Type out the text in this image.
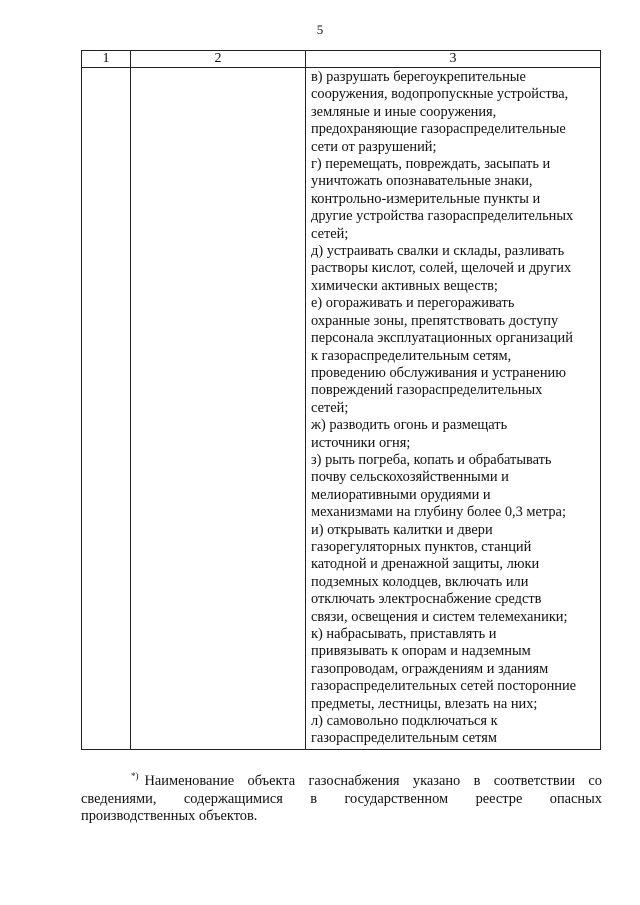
5
1	2	3
в) разрушать берегоукрепительные
сооружения, водопропускные устройства,
земляные и иные сооружения,
предохраняющие газораспределительные
сети от разрушений;
г) перемещать, повреждать, засыпать и
уничтожать опознавательные знаки,
контрольно-измерительные пункты и
другие устройства газораспределительных
сетей;
д) устраивать свалки и склады, разливать
растворы кислот, солей, щелочей и других
химически активных веществ;
е) огораживать и перегораживать
охранные зоны, препятствовать доступу
персонала эксплуатационных организаций
к газораспределительным сетям,
проведению обслуживания и устранению
повреждений газораспределительных
сетей;
ж) разводить огонь и размещать
источники огня;
з) рыть погреба, копать и обрабатывать
почву сельскохозяйственными и
мелиоративными орудиями и
механизмами на глубину более 0,3 метра;
и) открывать калитки и двери
газорегуляторных пунктов, станций
катодной и дренажной защиты, люки
подземных колодцев, включать или
отключать электроснабжение средств
связи, освещения и систем телемеханики;
к) набрасывать, приставлять и
привязывать к опорам и надземным
газопроводам, ограждениям и зданиям
газораспределительных сетей посторонние
предметы, лестницы, влезать на них;
л) самовольно подключаться к
газораспределительным сетям
*) Наименование объекта газоснабжения указано в соответствии со
сведениями, содержащимися в государственном реестре опасных
производственных объектов.
